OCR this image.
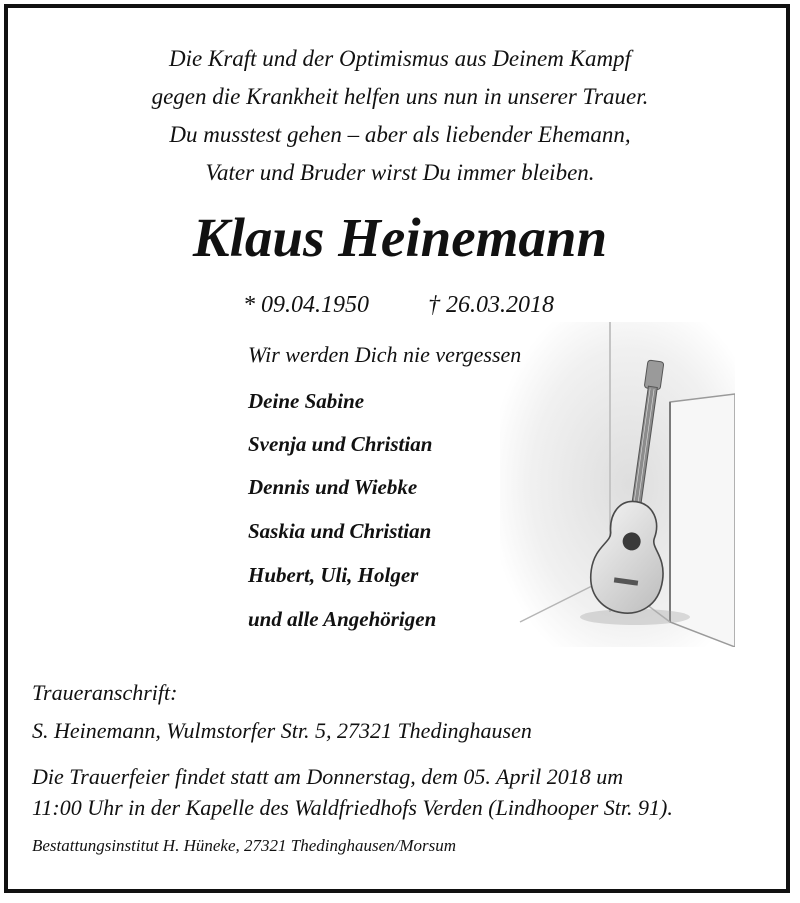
Die Kraft und der Optimismus aus Deinem Kampf
gegen die Krankheit helfen uns nun in unserer Trauer.
Du musstest gehen – aber als liebender Ehemann,
Vater und Bruder wirst Du immer bleiben.
Klaus Heinemann
* 09.04.1950 † 26.03.2018
Wir werden Dich nie vergessen
Deine Sabine
Svenja und Christian
Dennis und Wiebke
Saskia und Christian
Hubert, Uli, Holger
und alle Angehörigen
Traueranschrift:
S. Heinemann, Wulmstorfer Str. 5, 27321 Thedinghausen
Die Trauerfeier findet statt am Donnerstag, dem 05. April 2018 um
11:00 Uhr in der Kapelle des Waldfriedhofs Verden (Lindhooper Str. 91).
Bestattungsinstitut H. Hüneke, 27321 Thedinghausen/Morsum
